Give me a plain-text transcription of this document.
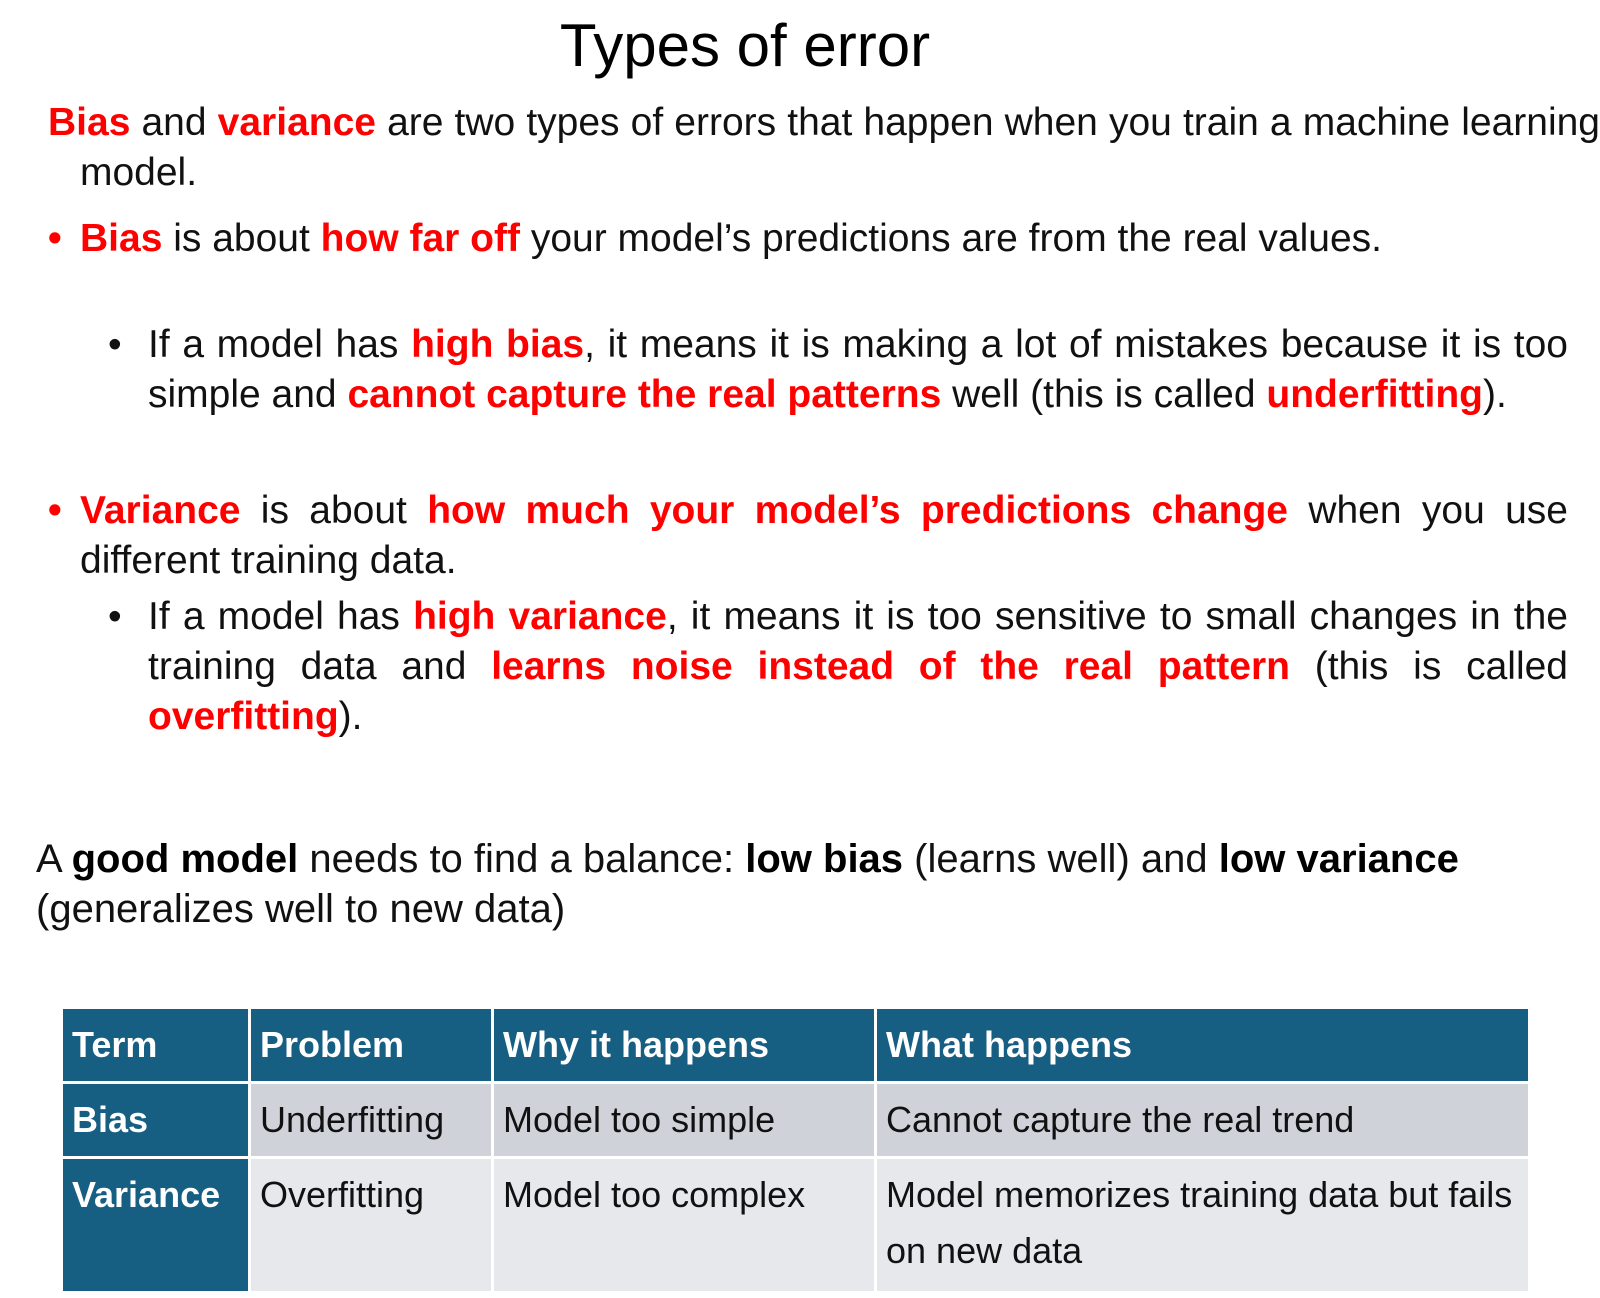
Types of error

Bias and variance are two types of errors that happen when you train a machine learning model.

• Bias is about how far off your model’s predictions are from the real values.

• If a model has high bias, it means it is making a lot of mistakes because it is too simple and cannot capture the real patterns well (this is called underfitting).

• Variance is about how much your model’s predictions change when you use different training data.

• If a model has high variance, it means it is too sensitive to small changes in the training data and learns noise instead of the real pattern (this is called overfitting).

A good model needs to find a balance: low bias (learns well) and low variance (generalizes well to new data)

Term	Problem	Why it happens	What happens
Bias	Underfitting	Model too simple	Cannot capture the real trend
Variance	Overfitting	Model too complex	Model memorizes training data but fails on new data
